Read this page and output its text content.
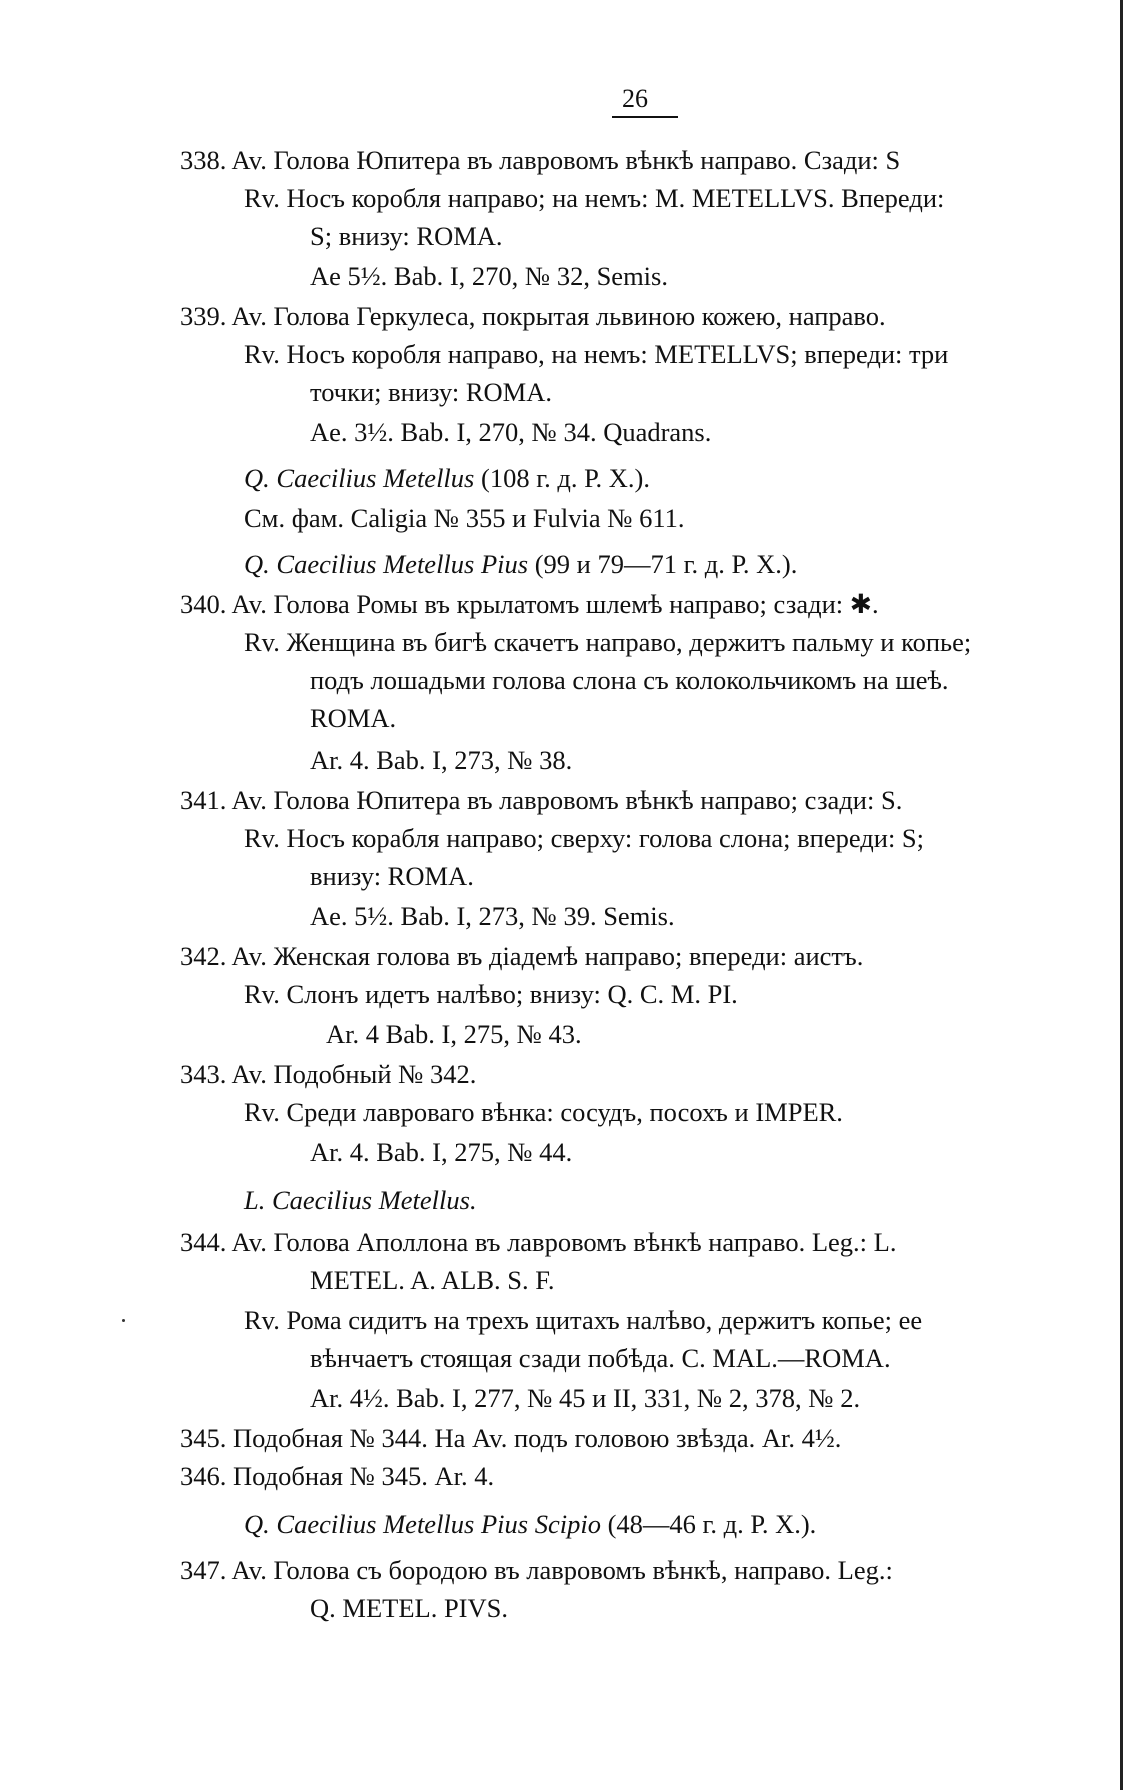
26
338. Av. Голова Юпитера въ лавровомъ вѣнкѣ направо. Сзади: S
Rv. Носъ коробля направо; на немъ: M. METELLVS. Впереди:
S; внизу: ROMA.
Ae 5½. Bab. I, 270, № 32, Semis.
339. Av. Голова Геркулеса, покрытая львиною кожею, направо.
Rv. Носъ коробля направо, на немъ: METELLVS; впереди: три
точки; внизу: ROMA.
Ae. 3½. Bab. I, 270, № 34. Quadrans.
Q. Caecilius Metellus (108 г. д. Р. Х.).
См. фам. Caligia № 355 и Fulvia № 611.
Q. Caecilius Metellus Pius (99 и 79—71 г. д. Р. Х.).
340. Av. Голова Ромы въ крылатомъ шлемѣ направо; сзади: ✱.
Rv. Женщина въ бигѣ скачетъ направо, держитъ пальму и копье;
подъ лошадьми голова слона съ колокольчикомъ на шеѣ.
ROMA.
Ar. 4. Bab. I, 273, № 38.
341. Av. Голова Юпитера въ лавровомъ вѣнкѣ направо; сзади: S.
Rv. Носъ корабля направо; сверху: голова слона; впереди: S;
внизу: ROMA.
Ae. 5½. Bab. I, 273, № 39. Semis.
342. Av. Женская голова въ діадемѣ направо; впереди: аистъ.
Rv. Слонъ идетъ налѣво; внизу: Q. C. M. PI.
Ar. 4 Bab. I, 275, № 43.
343. Av. Подобный № 342.
Rv. Среди лавроваго вѣнка: сосудъ, посохъ и IMPER.
Ar. 4. Bab. I, 275, № 44.
L. Caecilius Metellus.
344. Av. Голова Аполлона въ лавровомъ вѣнкѣ направо. Leg.: L.
METEL. A. ALB. S. F.
Rv. Рома сидитъ на трехъ щитахъ налѣво, держитъ копье; ее
вѣнчаетъ стоящая сзади побѣда. C. MAL.—ROMA.
Ar. 4½. Bab. I, 277, № 45 и II, 331, № 2, 378, № 2.
345. Подобная № 344. На Av. подъ головою звѣзда. Ar. 4½.
346. Подобная № 345. Ar. 4.
Q. Caecilius Metellus Pius Scipio (48—46 г. д. Р. Х.).
347. Av. Голова съ бородою въ лавровомъ вѣнкѣ, направо. Leg.:
Q. METEL. PIVS.
